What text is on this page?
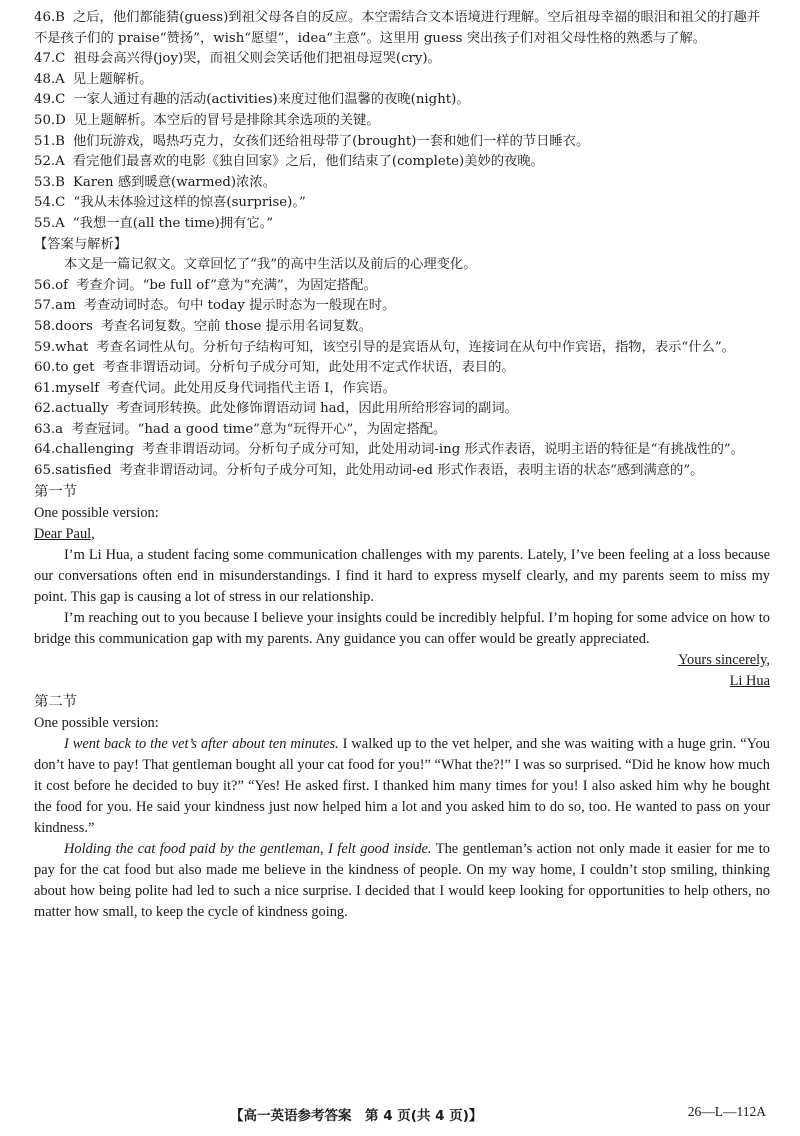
46.B 之后，他们都能猜(guess)到祖父母各自的反应。本空需结合文本语境进行理解。空后祖母幸福的眼泪和祖父的打趣并不是孩子们的 praise“赞扬”，wish“愿望”，idea“主意”。这里用 guess 突出孩子们对祖父母性格的熟悉与了解。

47.C 祖母会高兴得(joy)哭，而祖父则会笑话他们把祖母逗哭(cry)。

48.A 见上题解析。

49.C 一家人通过有趣的活动(activities)来度过他们温馨的夜晚(night)。

50.D 见上题解析。本空后的冒号是排除其余选项的关键。

51.B 他们玩游戏，喝热巧克力，女孩们还给祖母带了(brought)一套和她们一样的节日睡衣。

52.A 看完他们最喜欢的电影《独自回家》之后，他们结束了(complete)美妙的夜晚。

53.B Karen 感到暖意(warmed)浓浓。

54.C “我从未体验过这样的惊喜(surprise)。”

55.A “我想一直(all the time)拥有它。”

【答案与解析】

本文是一篇记叙文。文章回忆了“我”的高中生活以及前后的心理变化。

56.of 考查介词。“be full of”意为“充满”，为固定搭配。

57.am 考查动词时态。句中 today 提示时态为一般现在时。

58.doors 考查名词复数。空前 those 提示用名词复数。

59.what 考查名词性从句。分析句子结构可知，该空引导的是宾语从句，连接词在从句中作宾语，指物，表示“什么”。

60.to get 考查非谓语动词。分析句子成分可知，此处用不定式作状语，表目的。

61.myself 考查代词。此处用反身代词指代主语 I，作宾语。

62.actually 考查词形转换。此处修饰谓语动词 had，因此用所给形容词的副词。

63.a 考查冠词。“had a good time”意为“玩得开心”，为固定搭配。

64.challenging 考查非谓语动词。分析句子成分可知，此处用动词-ing 形式作表语，说明主语的特征是“有挑战性的”。

65.satisfied 考查非谓语动词。分析句子成分可知，此处用动词-ed 形式作表语，表明主语的状态“感到满意的”。

第一节

One possible version:

Dear Paul,

I’m Li Hua, a student facing some communication challenges with my parents. Lately, I’ve been feeling at a loss because our conversations often end in misunderstandings. I find it hard to express myself clearly, and my parents seem to miss my point. This gap is causing a lot of stress in our relationship.

I’m reaching out to you because I believe your insights could be incredibly helpful. I’m hoping for some advice on how to bridge this communication gap with my parents. Any guidance you can offer would be greatly appreciated.

Yours sincerely,

Li Hua

第二节

One possible version:

I went back to the vet’s after about ten minutes. I walked up to the vet helper, and she was waiting with a huge grin. “You don’t have to pay! That gentleman bought all your cat food for you!” “What the?!” I was so surprised. “Did he know how much it cost before he decided to buy it?” “Yes! He asked first. I thanked him many times for you! I also asked him why he bought the food for you. He said your kindness just now helped him a lot and you asked him to do so, too. He wanted to pass on your kindness.”

Holding the cat food paid by the gentleman, I felt good inside. The gentleman’s action not only made it easier for me to pay for the cat food but also made me believe in the kindness of people. On my way home, I couldn’t stop smiling, thinking about how being polite had led to such a nice surprise. I decided that I would keep looking for opportunities to help others, no matter how small, to keep the cycle of kindness going.

【高一英语参考答案　第 4 页(共 4 页)】	26—L—112A
